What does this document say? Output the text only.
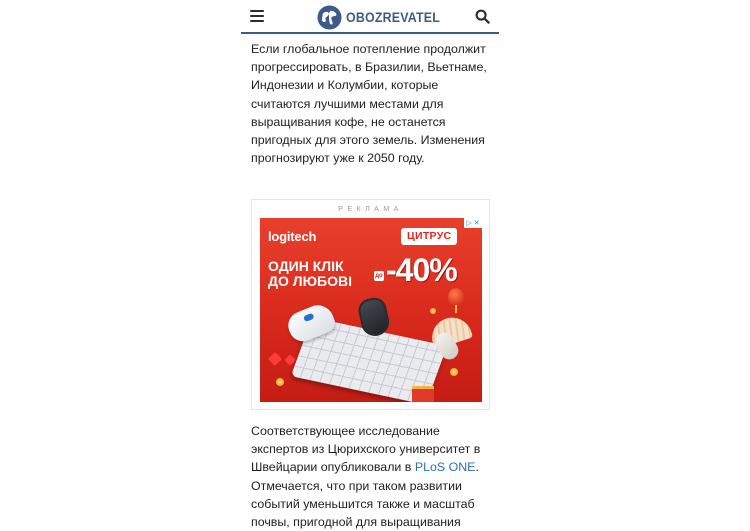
OBOZREVATEL

Если глобальное потепление продолжит прогрессировать, в Бразилии, Вьетнаме, Индонезии и Колумбии, которые считаются лучшими местами для выращивания кофе, не останется пригодных для этого земель. Изменения прогнозируют уже к 2050 году.

РЕКЛАМА
▷ ✕
logitech	ЦИТРУС
ОДИН КЛІК
ДО ЛЮБОВІ	до -40%

Соответствующее исследование экспертов из Цюрихского университет в Швейцарии опубликовали в PLoS ONE. Отмечается, что при таком развитии событий уменьшится также и масштаб почвы, пригодной для выращивания
